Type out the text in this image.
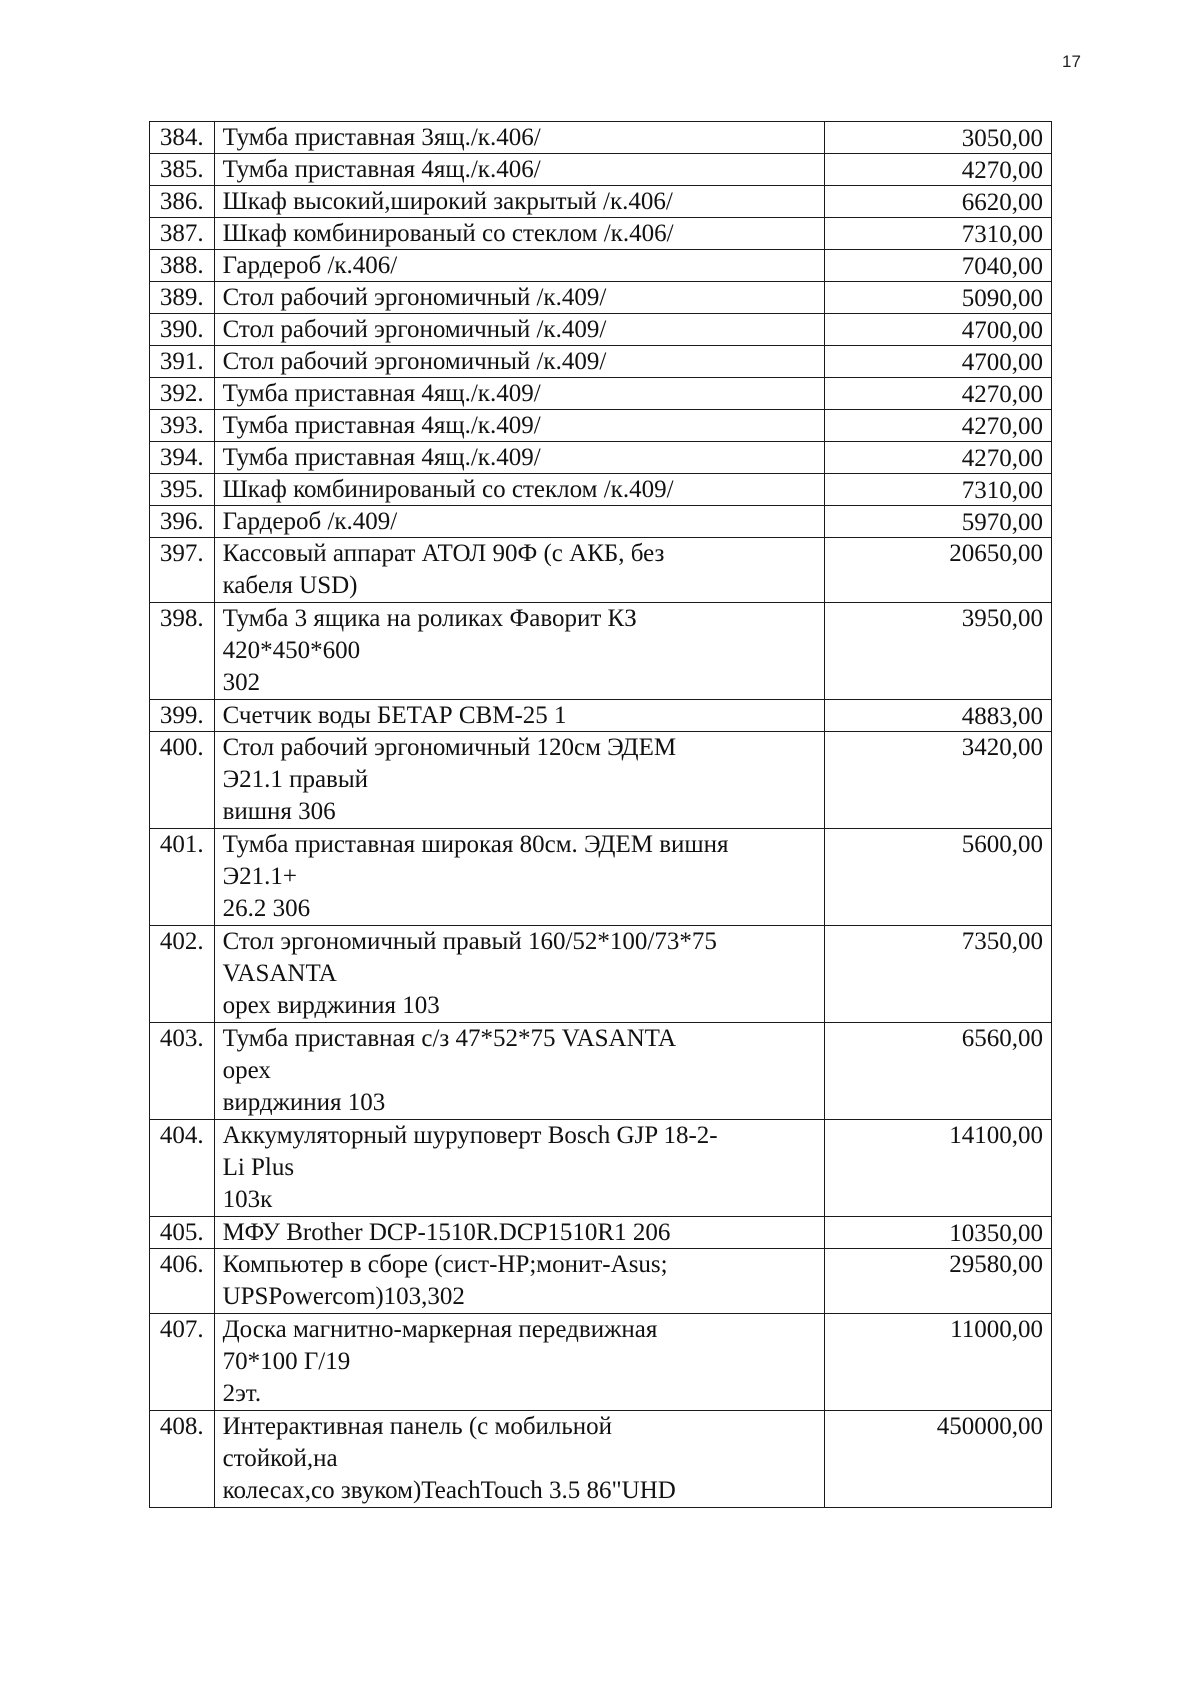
17
384.	Тумба приставная 3ящ./к.406/	3050,00
385.	Тумба приставная 4ящ./к.406/	4270,00
386.	Шкаф высокий,широкий закрытый /к.406/	6620,00
387.	Шкаф комбинированый со стеклом /к.406/	7310,00
388.	Гардероб /к.406/	7040,00
389.	Стол рабочий эргономичный /к.409/	5090,00
390.	Стол рабочий эргономичный /к.409/	4700,00
391.	Стол рабочий эргономичный /к.409/	4700,00
392.	Тумба приставная 4ящ./к.409/	4270,00
393.	Тумба приставная 4ящ./к.409/	4270,00
394.	Тумба приставная 4ящ./к.409/	4270,00
395.	Шкаф комбинированый со стеклом /к.409/	7310,00
396.	Гардероб /к.409/	5970,00
397.	Кассовый аппарат АТОЛ 90Ф (с АКБ, без
кабеля USD)	20650,00
398.	Тумба 3 ящика на роликах Фаворит КЗ
420*450*600
302	3950,00
399.	Счетчик воды БЕТАР СВМ-25 1	4883,00
400.	Стол рабочий эргономичный 120см ЭДЕМ
Э21.1 правый
вишня 306	3420,00
401.	Тумба приставная широкая 80см. ЭДЕМ вишня
Э21.1+
26.2 306	5600,00
402.	Стол эргономичный правый 160/52*100/73*75
VASANTA
орех вирджиния 103	7350,00
403.	Тумба приставная с/з 47*52*75 VASANTA
орех
вирджиния 103	6560,00
404.	Аккумуляторный шуруповерт Bosch GJP 18-2-
Li Plus
103к	14100,00
405.	МФУ Brother DCP-1510R.DCP1510R1 206	10350,00
406.	Компьютер в сборе (сист-HP;монит-Asus;
UPSPowercom)103,302	29580,00
407.	Доска магнитно-маркерная передвижная
70*100 Г/19
2эт.	11000,00
408.	Интерактивная панель (с мобильной
стойкой,на
колесах,со звуком)TeachTouch 3.5 86"UHD	450000,00
